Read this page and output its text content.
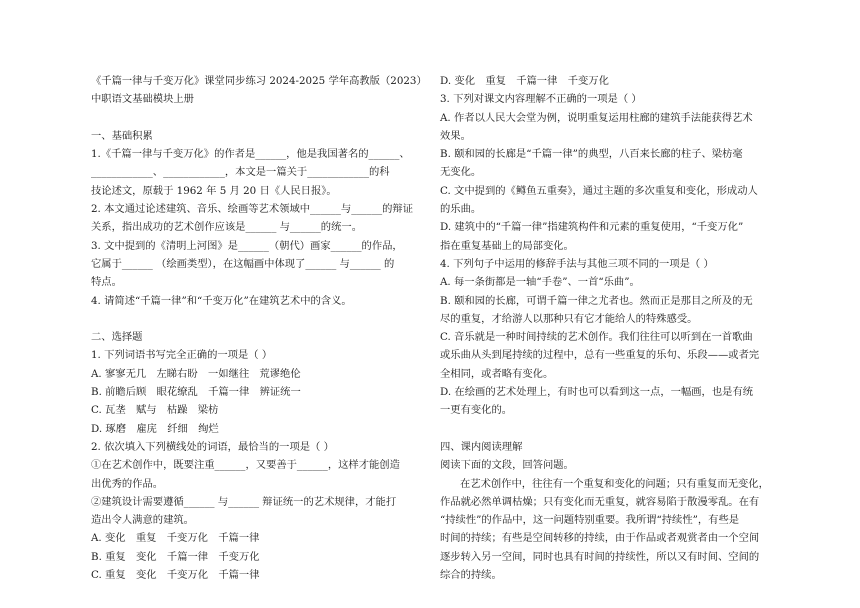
《千篇一律与千变万化》课堂同步练习 2024-2025 学年高教版（2023）
中职语文基础模块上册
一、基础积累
1.《千篇一律与千变万化》的作者是______，他是我国著名的______、
____________、____________，本文是一篇关于____________的科
技论述文，原载于 1962 年 5 月 20 日《人民日报》。
2. 本文通过论述建筑、音乐、绘画等艺术领域中______与______的辩证
关系，指出成功的艺术创作应该是______ 与______的统一。
3. 文中提到的《清明上河图》是______（朝代）画家______的作品，
它属于______ （绘画类型），在这幅画中体现了______ 与______ 的
特点。
4. 请简述“千篇一律”和“千变万化”在建筑艺术中的含义。
二、选择题
1. 下列词语书写完全正确的一项是（ ）
A. 寥寥无几　左睇右盼　一如继往　荒谬绝伦
B. 前瞻后顾　眼花缭乱　千篇一律　辨证统一
C. 瓦垄　赋与　枯躁　梁枋
D. 琢磨　雇庑　纤细　绚烂
2. 依次填入下列横线处的词语，最恰当的一项是（ ）
①在艺术创作中，既要注重______，又要善于______，这样才能创造
出优秀的作品。
②建筑设计需要遵循______ 与______ 辩证统一的艺术规律，才能打
造出令人满意的建筑。
A. 变化　重复　千变万化　千篇一律
B. 重复　变化　千篇一律　千变万化
C. 重复　变化　千变万化　千篇一律
D. 变化　重复　千篇一律　千变万化
3. 下列对课文内容理解不正确的一项是（ ）
A. 作者以人民大会堂为例，说明重复运用柱廊的建筑手法能获得艺术
效果。
B. 颐和园的长廊是“千篇一律”的典型，八百来长廊的柱子、梁枋毫
无变化。
C. 文中提到的《鳟鱼五重奏》，通过主题的多次重复和变化，形成动人
的乐曲。
D. 建筑中的“千篇一律”指建筑构件和元素的重复使用，“千变万化”
指在重复基础上的局部变化。
4. 下列句子中运用的修辞手法与其他三项不同的一项是（ ）
A. 每一条街都是一轴“手卷”、一首“乐曲”。
B. 颐和园的长廊，可谓千篇一律之尤者也。然而正是那目之所及的无
尽的重复，才给游人以那种只有它才能给人的特殊感受。
C. 音乐就是一种时间持续的艺术创作。我们往往可以听到在一首歌曲
或乐曲从头到尾持续的过程中，总有一些重复的乐句、乐段——或者完
全相同，或者略有变化。
D. 在绘画的艺术处理上，有时也可以看到这一点，一幅画，也是有统
一更有变化的。
四、课内阅读理解
阅读下面的文段，回答问题。
在艺术创作中，往往有一个重复和变化的问题；只有重复而无变化，
作品就必然单调枯燥；只有变化而无重复，就容易陷于散漫零乱。在有
“持续性”的作品中，这一问题特别重要。我所谓“持续性”，有些是
时间的持续；有些是空间转移的持续，由于作品或者观赏者由一个空间
逐步转入另一空间，同时也具有时间的持续性，所以又有时间、空间的
综合的持续。
